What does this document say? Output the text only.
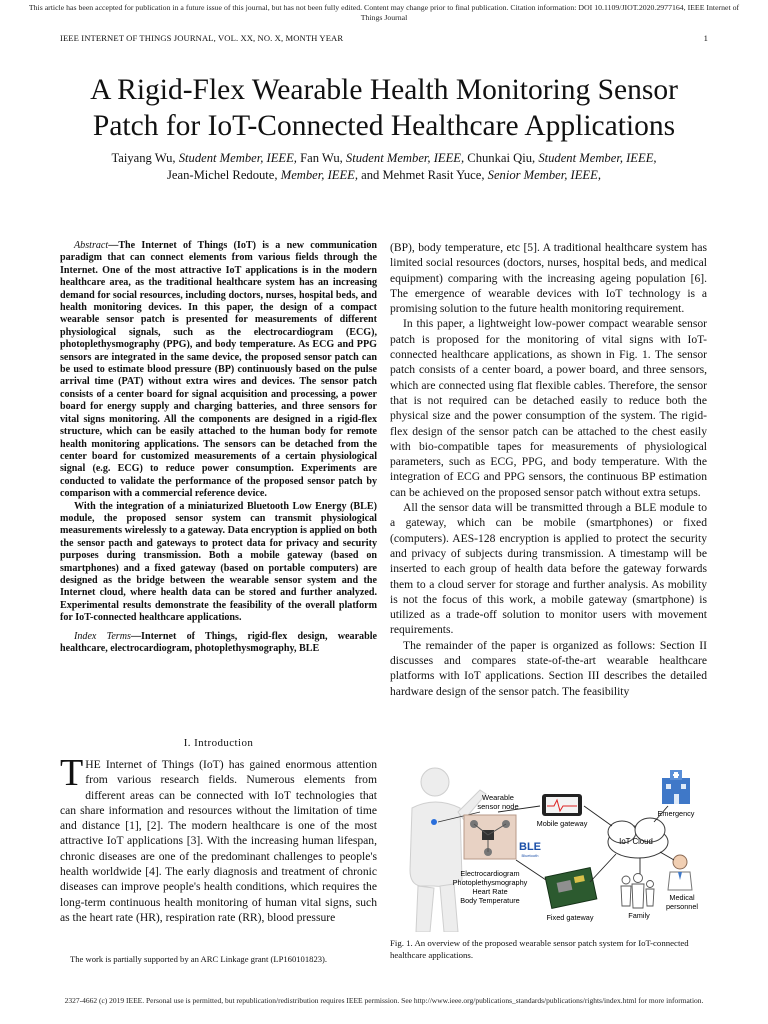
This article has been accepted for publication in a future issue of this journal, but has not been fully edited. Content may change prior to final publication. Citation information: DOI 10.1109/JIOT.2020.2977164, IEEE Internet of Things Journal
IEEE INTERNET OF THINGS JOURNAL, VOL. XX, NO. X, MONTH YEAR	1
A Rigid-Flex Wearable Health Monitoring Sensor
Patch for IoT-Connected Healthcare Applications
Taiyang Wu, Student Member, IEEE, Fan Wu, Student Member, IEEE, Chunkai Qiu, Student Member, IEEE,
Jean-Michel Redoute, Member, IEEE, and Mehmet Rasit Yuce, Senior Member, IEEE,

Abstract—The Internet of Things (IoT) is a new communication paradigm that can connect elements from various fields through the Internet. One of the most attractive IoT applications is in the modern healthcare area, as the traditional healthcare system has an increasing demand for social resources, including doctors, nurses, hospital beds, and health monitoring devices. In this paper, the design of a compact wearable sensor patch is presented for measurements of different physiological signals, such as the electrocardiogram (ECG), photoplethysmography (PPG), and body temperature. As ECG and PPG sensors are integrated in the same device, the proposed sensor patch can be used to estimate blood pressure (BP) continuously based on the pulse arrival time (PAT) without extra wires and devices. The sensor patch consists of a center board for signal acquisition and processing, a power board for energy supply and charging batteries, and three sensors for vital signs monitoring. All the components are designed in a rigid-flex structure, which can be easily attached to the human body for remote health monitoring applications. The sensors can be detached from the center board for customized measurements of a certain physiological signal (e.g. ECG) to reduce power consumption. Experiments are conducted to validate the performance of the proposed sensor patch by comparison with a commercial reference device.

With the integration of a miniaturized Bluetooth Low Energy (BLE) module, the proposed sensor system can transmit physiological measurements wirelessly to a gateway. Data encryption is applied on both the sensor pacth and gateways to protect data for privacy and security purposes during transmission. Both a mobile gateway (based on smartphones) and a fixed gateway (based on portable computers) are designed as the bridge between the wearable sensor system and the Internet cloud, where health data can be stored and further analyzed. Experimental results demonstrate the feasibility of the overall platform for IoT-connected healthcare applications.

Index Terms—Internet of Things, rigid-flex design, wearable healthcare, electrocardiogram, photoplethysmography, BLE

I. Introduction

THE Internet of Things (IoT) has gained enormous attention from various research fields. Numerous elements from different areas can be connected with IoT technologies that can share information and resources without the limitation of time and distance [1], [2]. The modern healthcare is one of the most attractive IoT applications [3]. With the increasing human lifespan, chronic diseases are one of the predominant challenges to people's health worldwide [4]. The early diagnosis and treatment of chronic diseases can improve people's health conditions, which requires the long-term continuous health monitoring of human vital signs, such as the heart rate (HR), respiration rate (RR), blood pressure

The work is partially supported by an ARC Linkage grant (LP160101823).

(BP), body temperature, etc [5]. A traditional healthcare system has limited social resources (doctors, nurses, hospital beds, and medical equipment) comparing with the increasing ageing population [6]. The emergence of wearable devices with IoT technology is a promising solution to the future health monitoring requirement.

In this paper, a lightweight low-power compact wearable sensor patch is proposed for the monitoring of vital signs with IoT-connected healthcare applications, as shown in Fig. 1. The sensor patch consists of a center board, a power board, and three sensors, which are connected using flat flexible cables. Therefore, the sensor that is not required can be detached easily to reduce both the physical size and the power consumption of the system. The rigid-flex design of the sensor patch can be attached to the chest easily with bio-compatible tapes for measurements of physiological parameters, such as ECG, PPG, and body temperature. With the integration of ECG and PPG sensors, the continuous BP estimation can be achieved on the proposed sensor patch without extra setups.

All the sensor data will be transmitted through a BLE module to a gateway, which can be mobile (smartphones) or fixed (computers). AES-128 encryption is applied to protect the security and privacy of subjects during transmission. A timestamp will be inserted to each group of health data before the gateway forwards them to a cloud server for storage and further analysis. As mobility is not the focus of this work, a mobile gateway (smartphone) is utilized as a trade-off solution to monitor users with movement requirements.

The remainder of the paper is organized as follows: Section II discusses and compares state-of-the-art wearable healthcare platforms with IoT applications. Section III describes the detailed hardware design of the sensor patch. The feasibility

Wearable
sensor node
Electrocardiogram
Photoplethysmography
Heart Rate
Body Temperature
BLE
Bluetooth
Mobile gateway
Fixed gateway
IoT Cloud
Emergency
Family
Medical
personnel
Fig. 1. An overview of the proposed wearable sensor patch system for IoT-connected healthcare applications.
2327-4662 (c) 2019 IEEE. Personal use is permitted, but republication/redistribution requires IEEE permission. See http://www.ieee.org/publications_standards/publications/rights/index.html for more information.
